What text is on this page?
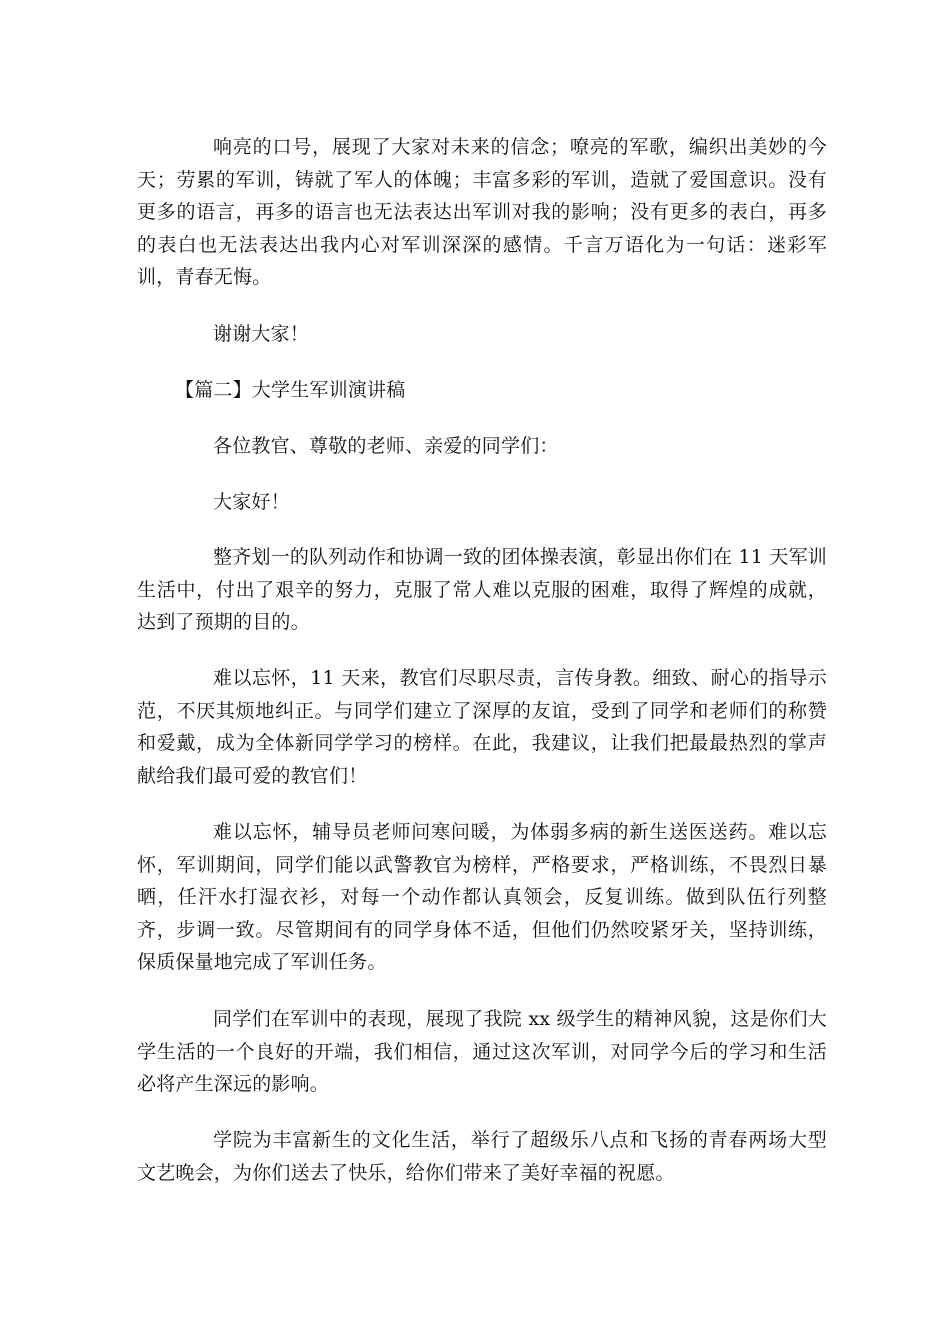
响亮的口号，展现了大家对未来的信念；嘹亮的军歌，编织出美妙的今天；劳累的军训，铸就了军人的体魄；丰富多彩的军训，造就了爱国意识。没有更多的语言，再多的语言也无法表达出军训对我的影响；没有更多的表白，再多的表白也无法表达出我内心对军训深深的感情。千言万语化为一句话：迷彩军训，青春无悔。

谢谢大家！

【篇二】大学生军训演讲稿

各位教官、尊敬的老师、亲爱的同学们：

大家好！

整齐划一的队列动作和协调一致的团体操表演，彰显出你们在 11 天军训生活中，付出了艰辛的努力，克服了常人难以克服的困难，取得了辉煌的成就，达到了预期的目的。

难以忘怀，11 天来，教官们尽职尽责，言传身教。细致、耐心的指导示范，不厌其烦地纠正。与同学们建立了深厚的友谊，受到了同学和老师们的称赞和爱戴，成为全体新同学学习的榜样。在此，我建议，让我们把最最热烈的掌声献给我们最可爱的教官们！

难以忘怀，辅导员老师问寒问暖，为体弱多病的新生送医送药。难以忘怀，军训期间，同学们能以武警教官为榜样，严格要求，严格训练，不畏烈日暴晒，任汗水打湿衣衫，对每一个动作都认真领会，反复训练。做到队伍行列整齐，步调一致。尽管期间有的同学身体不适，但他们仍然咬紧牙关，坚持训练，保质保量地完成了军训任务。

同学们在军训中的表现，展现了我院 xx 级学生的精神风貌，这是你们大学生活的一个良好的开端，我们相信，通过这次军训，对同学今后的学习和生活必将产生深远的影响。

学院为丰富新生的文化生活，举行了超级乐八点和飞扬的青春两场大型文艺晚会，为你们送去了快乐，给你们带来了美好幸福的祝愿。
